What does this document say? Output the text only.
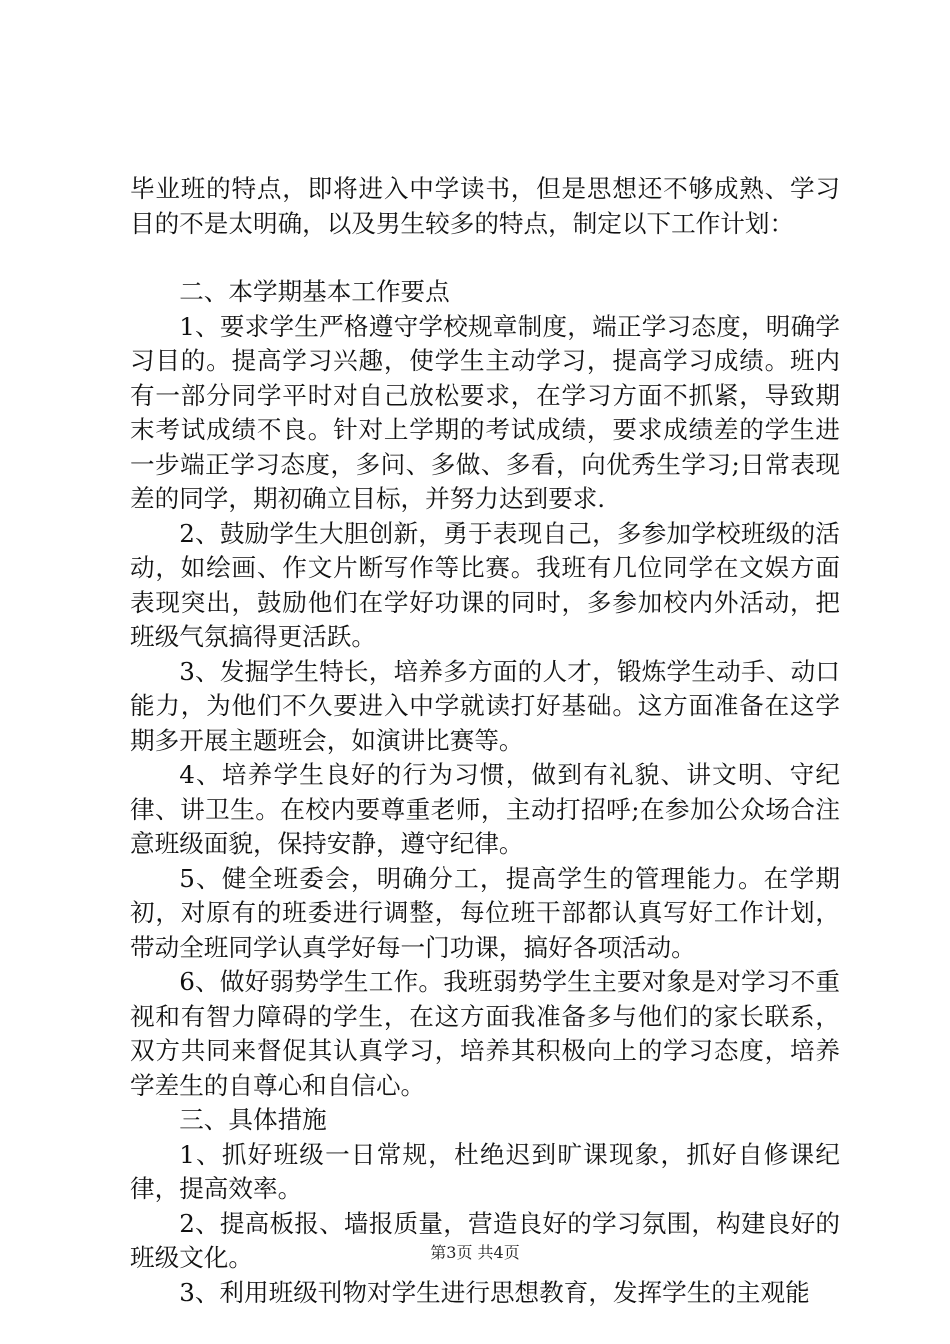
毕业班的特点，即将进入中学读书，但是思想还不够成熟、学习目的不是太明确，以及男生较多的特点，制定以下工作计划：

二、本学期基本工作要点

1、要求学生严格遵守学校规章制度，端正学习态度，明确学习目的。提高学习兴趣，使学生主动学习，提高学习成绩。班内有一部分同学平时对自己放松要求，在学习方面不抓紧，导致期末考试成绩不良。针对上学期的考试成绩，要求成绩差的学生进一步端正学习态度，多问、多做、多看，向优秀生学习;日常表现差的同学，期初确立目标，并努力达到要求.

2、鼓励学生大胆创新，勇于表现自己，多参加学校班级的活动，如绘画、作文片断写作等比赛。我班有几位同学在文娱方面表现突出，鼓励他们在学好功课的同时，多参加校内外活动，把班级气氛搞得更活跃。

3、发掘学生特长，培养多方面的人才，锻炼学生动手、动口能力，为他们不久要进入中学就读打好基础。这方面准备在这学期多开展主题班会，如演讲比赛等。

4、培养学生良好的行为习惯，做到有礼貌、讲文明、守纪律、讲卫生。在校内要尊重老师，主动打招呼;在参加公众场合注意班级面貌，保持安静，遵守纪律。

5、健全班委会，明确分工，提高学生的管理能力。在学期初，对原有的班委进行调整，每位班干部都认真写好工作计划，带动全班同学认真学好每一门功课，搞好各项活动。

6、做好弱势学生工作。我班弱势学生主要对象是对学习不重视和有智力障碍的学生，在这方面我准备多与他们的家长联系，双方共同来督促其认真学习，培养其积极向上的学习态度，培养学差生的自尊心和自信心。

三、具体措施

1、抓好班级一日常规，杜绝迟到旷课现象，抓好自修课纪律，提高效率。

2、提高板报、墙报质量，营造良好的学习氛围，构建良好的班级文化。

3、利用班级刊物对学生进行思想教育，发挥学生的主观能

第3页 共4页
